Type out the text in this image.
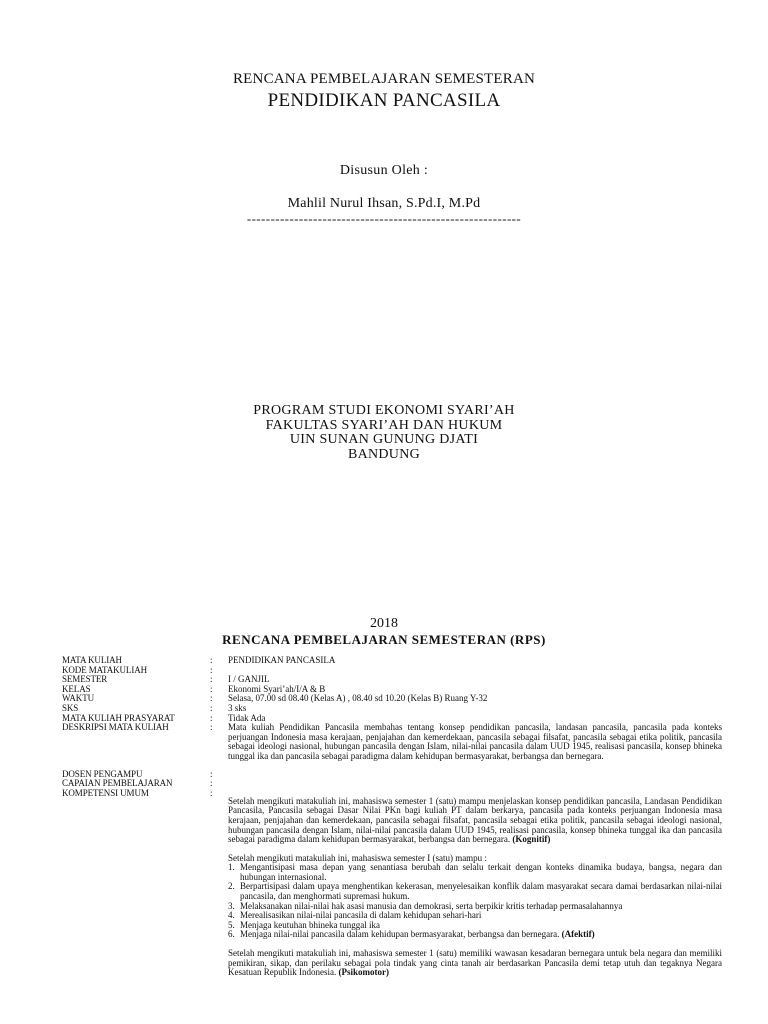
RENCANA PEMBELAJARAN SEMESTERAN
PENDIDIKAN PANCASILA
Disusun Oleh :
Mahlil Nurul Ihsan, S.Pd.I, M.Pd
----------------------------------------------------------
PROGRAM STUDI EKONOMI SYARI’AH
FAKULTAS SYARI’AH DAN HUKUM
UIN SUNAN GUNUNG DJATI
BANDUNG
2018
RENCANA PEMBELAJARAN SEMESTERAN (RPS)
MATA KULIAH	:	PENDIDIKAN PANCASILA
KODE MATAKULIAH	:
SEMESTER	:	I / GANJIL
KELAS	:	Ekonomi Syari’ah/I/A & B
WAKTU	:	Selasa, 07.00 sd 08.40 (Kelas A) , 08.40 sd 10.20 (Kelas B) Ruang Y-32
SKS	:	3 sks
MATA KULIAH PRASYARAT	:	Tidak Ada
DESKRIPSI MATA KULIAH	:	Mata kuliah Pendidikan Pancasila membahas tentang konsep pendidikan pancasila, landasan pancasila, pancasila pada konteks perjuangan Indonesia masa kerajaan, penjajahan dan kemerdekaan, pancasila sebagai filsafat, pancasila sebagai etika politik, pancasila sebagai ideologi nasional, hubungan pancasila dengan Islam, nilai-nilai pancasila dalam UUD 1945, realisasi pancasila, konsep bhineka tunggal ika dan pancasila sebagai paradigma dalam kehidupan bermasyarakat, berbangsa dan bernegara.
DOSEN PENGAMPU	:
CAPAIAN PEMBELAJARAN	:
KOMPETENSI UMUM	:
Setelah mengikuti matakuliah ini, mahasiswa semester 1 (satu) mampu menjelaskan konsep pendidikan pancasila, Landasan Pendidikan Pancasila, Pancasila sebagai Dasar Nilai PKn bagi kuliah PT dalam berkarya, pancasila pada konteks perjuangan Indonesia masa kerajaan, penjajahan dan kemerdekaan, pancasila sebagai filsafat, pancasila sebagai etika politik, pancasila sebagai ideologi nasional, hubungan pancasila dengan Islam, nilai-nilai pancasila dalam UUD 1945, realisasi pancasila, konsep bhineka tunggal ika dan pancasila sebagai paradigma dalam kehidupan bermasyarakat, berbangsa dan bernegara. (Kognitif)
Setelah mengikuti matakuliah ini, mahasiswa semester I (satu) mampu :
1. Mengantisipasi masa depan yang senantiasa berubah dan selalu terkait dengan konteks dinamika budaya, bangsa, negara dan hubungan internasional.
2. Berpartisipasi dalam upaya menghentikan kekerasan, menyelesaikan konflik dalam masyarakat secara damai berdasarkan nilai-nilai pancasila, dan menghormati supremasi hukum.
3. Melaksanakan nilai-nilai hak asasi manusia dan demokrasi, serta berpikir kritis terhadap permasalahannya
4. Merealisasikan nilai-nilai pancasila di dalam kehidupan sehari-hari
5. Menjaga keutuhan bhineka tunggal ika
6. Menjaga nilai-nilai pancasila dalam kehidupan bermasyarakat, berbangsa dan bernegara. (Afektif)
Setelah mengikuti matakuliah ini, mahasiswa semester 1 (satu) memiliki wawasan kesadaran bernegara untuk bela negara dan memiliki pemikiran, sikap, dan perilaku sebagai pola tindak yang cinta tanah air berdasarkan Pancasila demi tetap utuh dan tegaknya Negara Kesatuan Republik Indonesia. (Psikomotor)
